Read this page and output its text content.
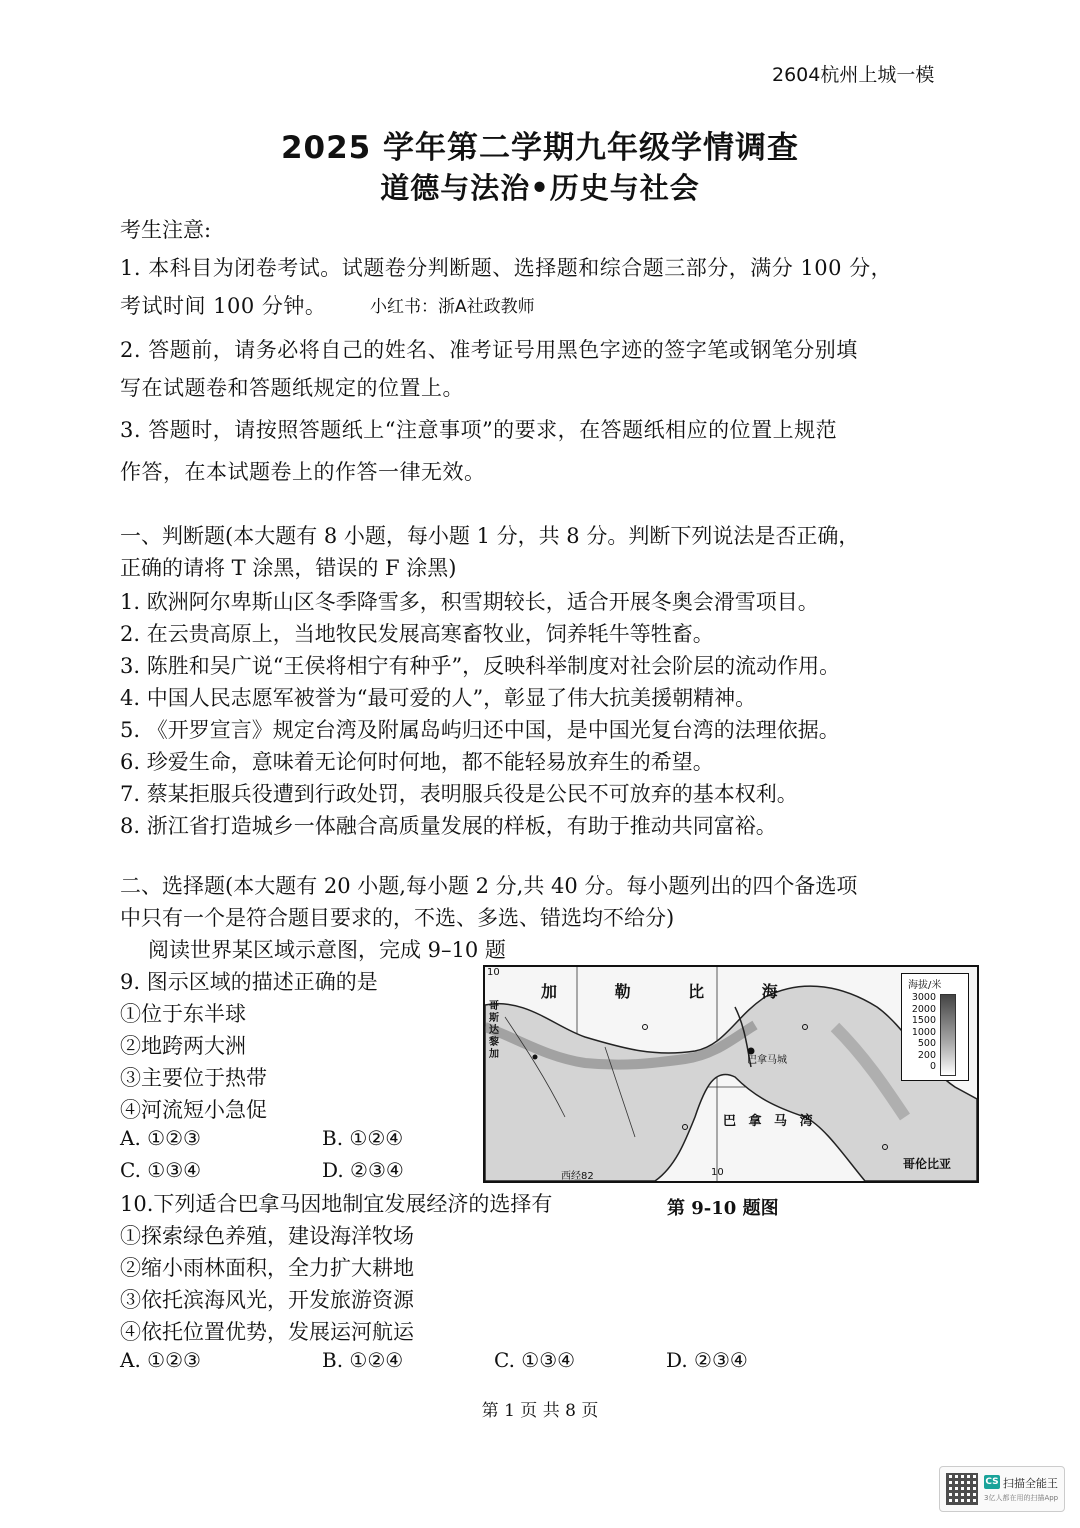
2604杭州上城一模
2025 学年第二学期九年级学情调查
道德与法治•历史与社会
考生注意:
1. 本科目为闭卷考试。试题卷分判断题、选择题和综合题三部分，满分 100 分，
考试时间 100 分钟。	小红书：浙A社政教师
2. 答题前，请务必将自己的姓名、准考证号用黑色字迹的签字笔或钢笔分别填
写在试题卷和答题纸规定的位置上。
3. 答题时，请按照答题纸上“注意事项”的要求，在答题纸相应的位置上规范
作答，在本试题卷上的作答一律无效。
一、判断题(本大题有 8 小题，每小题 1 分，共 8 分。判断下列说法是否正确，
正确的请将 T 涂黑，错误的 F 涂黑)
1. 欧洲阿尔卑斯山区冬季降雪多，积雪期较长，适合开展冬奥会滑雪项目。
2. 在云贵高原上，当地牧民发展高寒畜牧业，饲养牦牛等牲畜。
3. 陈胜和吴广说“王侯将相宁有种乎”，反映科举制度对社会阶层的流动作用。
4. 中国人民志愿军被誉为“最可爱的人”，彰显了伟大抗美援朝精神。
5. 《开罗宣言》规定台湾及附属岛屿归还中国，是中国光复台湾的法理依据。
6. 珍爱生命，意味着无论何时何地，都不能轻易放弃生的希望。
7. 蔡某拒服兵役遭到行政处罚，表明服兵役是公民不可放弃的基本权利。
8. 浙江省打造城乡一体融合高质量发展的样板，有助于推动共同富裕。
二、选择题(本大题有 20 小题,每小题 2 分,共 40 分。每小题列出的四个备选项
中只有一个是符合题目要求的，不选、多选、错选均不给分)
阅读世界某区域示意图，完成 9–10 题
9. 图示区域的描述正确的是
①位于东半球
②地跨两大洲
③主要位于热带
④河流短小急促
A. ①②③	B. ①②④
C. ①③④	D. ②③④
加 勒 比 海
巴 拿 马 湾
哥斯达黎加
哥伦比亚
巴拿马城
10
10
西经82
海拔/米
3000
2000
1500
1000
500
200
0
10.下列适合巴拿马因地制宜发展经济的选择有	第 9-10 题图
①探索绿色养殖，建设海洋牧场
②缩小雨林面积，全力扩大耕地
③依托滨海风光，开发旅游资源
④依托位置优势，发展运河航运
A. ①②③	B. ①②④	C. ①③④	D. ②③④
第 1 页 共 8 页
CS 扫描全能王
3亿人都在用的扫描App
